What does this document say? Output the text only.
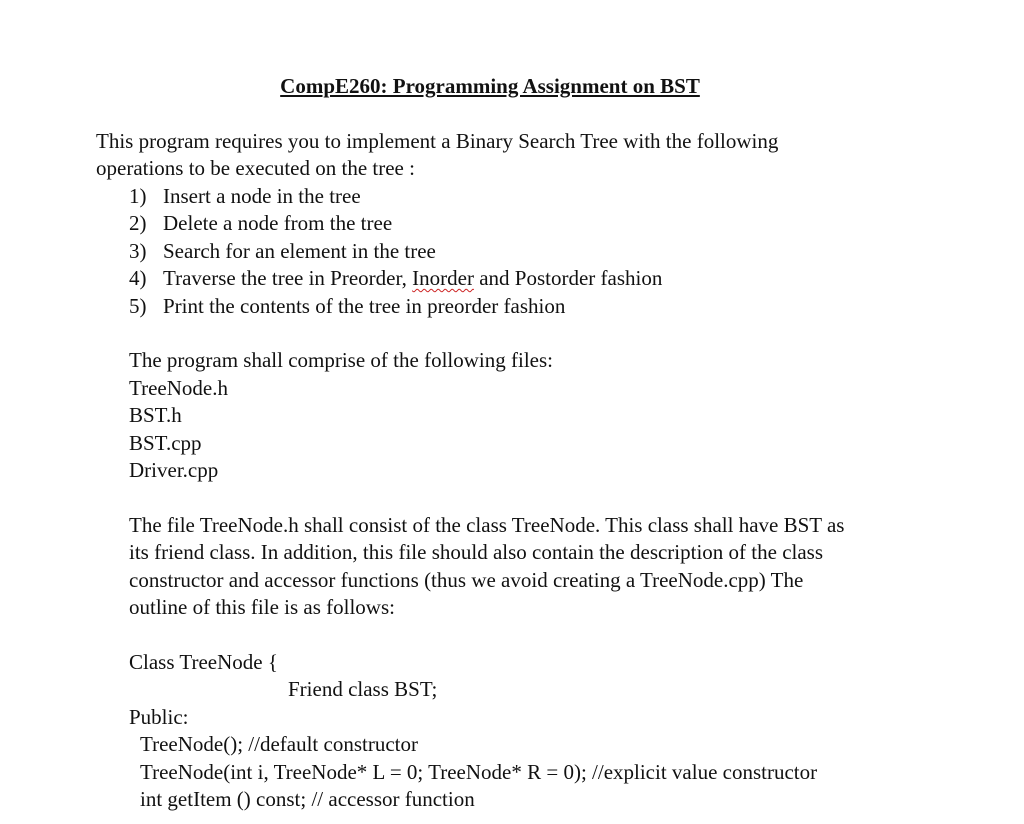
CompE260: Programming Assignment on BST
This program requires you to implement a Binary Search Tree with the following
operations to be executed on the tree :
1) Insert a node in the tree
2) Delete a node from the tree
3) Search for an element in the tree
4) Traverse the tree in Preorder, Inorder and Postorder fashion
5) Print the contents of the tree in preorder fashion
The program shall comprise of the following files:
TreeNode.h
BST.h
BST.cpp
Driver.cpp
The file TreeNode.h shall consist of the class TreeNode. This class shall have BST as
its friend class. In addition, this file should also contain the description of the class
constructor and accessor functions (thus we avoid creating a TreeNode.cpp) The
outline of this file is as follows:
Class TreeNode {
Friend class BST;
Public:
TreeNode(); //default constructor
TreeNode(int i, TreeNode* L = 0; TreeNode* R = 0); //explicit value constructor
int getItem () const; // accessor function
